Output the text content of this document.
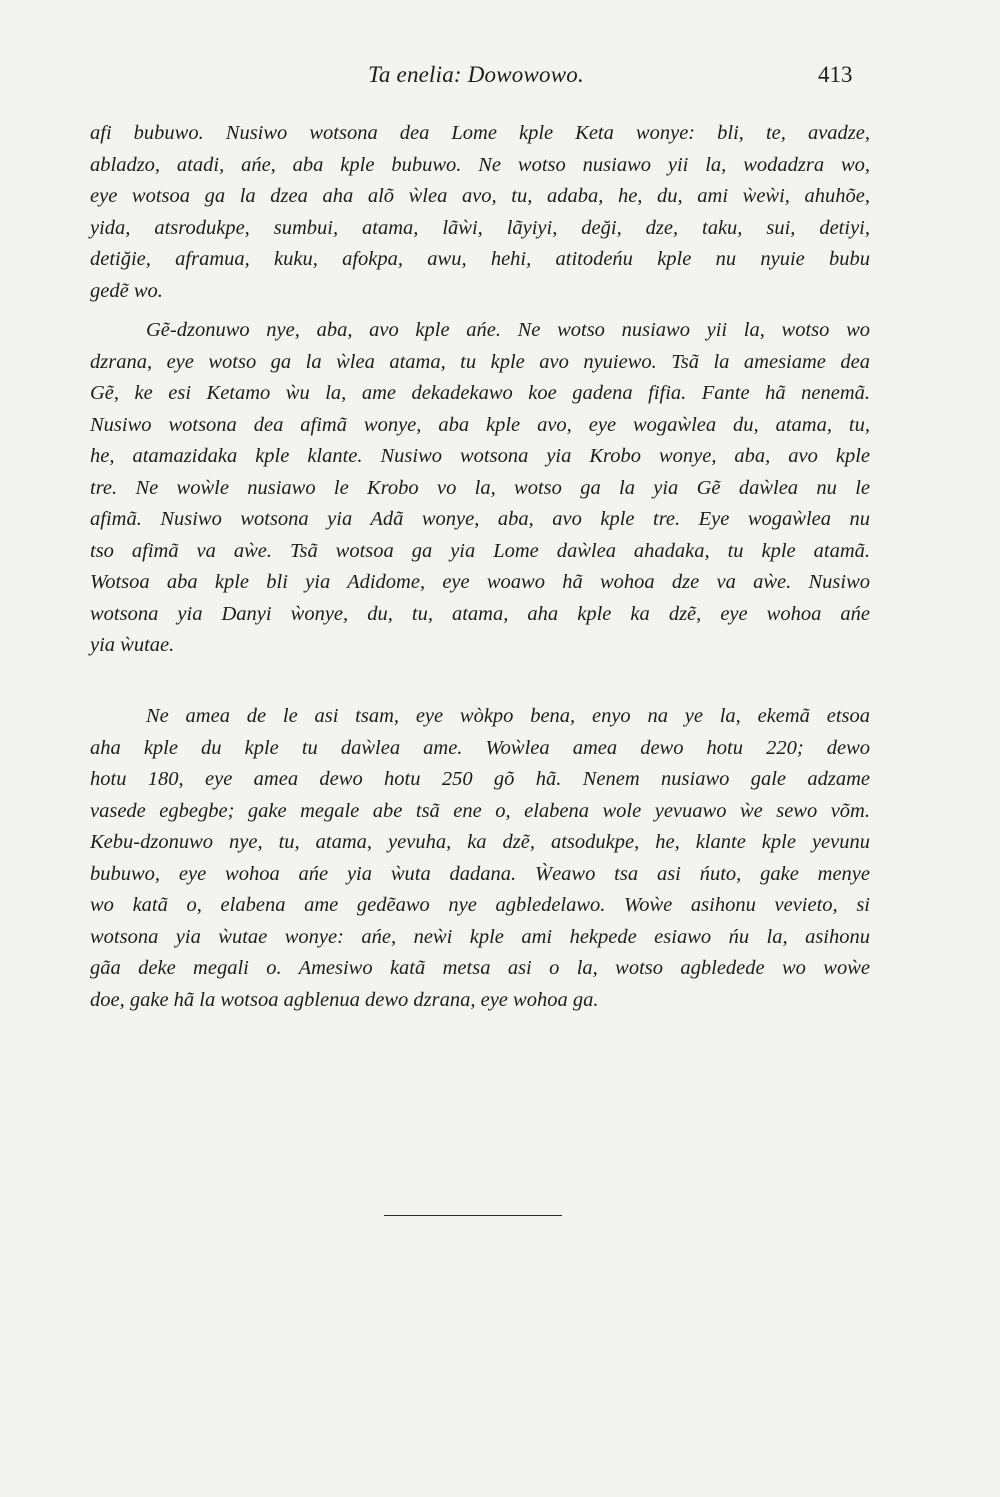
Ta enelia: Dowowowo.	413
afi bubuwo. Nusiwo wotsona dea Lome kple Keta wonye: bli, te, avadze,
abladzo, atadi, ańe, aba kple bubuwo. Ne wotso nusiawo yii la, wodadzra wo,
eye wotsoa ga la dzea aha alõ ẁlea avo, tu, adaba, he, du, ami ẁeẁi, ahuhõe,
yida, atsrodukpe, sumbui, atama, lãẁi, lãyiyi, deği, dze, taku, sui, detiyi,
detiğie, aframua, kuku, afokpa, awu, hehi, atitodeńu kple nu nyuie bubu
gedẽ wo.
Gẽ-dzonuwo nye, aba, avo kple ańe. Ne wotso nusiawo yii la, wotso wo
dzrana, eye wotso ga la ẁlea atama, tu kple avo nyuiewo. Tsã la amesiame dea
Gẽ, ke esi Ketamo ẁu la, ame dekadekawo koe gadena fifia. Fante hã nenemã.
Nusiwo wotsona dea afimã wonye, aba kple avo, eye wogaẁlea du, atama, tu,
he, atamazidaka kple klante. Nusiwo wotsona yia Krobo wonye, aba, avo kple
tre. Ne woẁle nusiawo le Krobo vo la, wotso ga la yia Gẽ daẁlea nu le
afimã. Nusiwo wotsona yia Adã wonye, aba, avo kple tre. Eye wogaẁlea nu
tso afimã va aẁe. Tsã wotsoa ga yia Lome daẁlea ahadaka, tu kple atamã.
Wotsoa aba kple bli yia Adidome, eye woawo hã wohoa dze va aẁe. Nusiwo
wotsona yia Danyi ẁonye, du, tu, atama, aha kple ka dzẽ, eye wohoa ańe
yia ẁutae.
Ne amea de le asi tsam, eye wòkpo bena, enyo na ye la, ekemã etsoa
aha kple du kple tu daẁlea ame. Woẁlea amea dewo hotu 220; dewo
hotu 180, eye amea dewo hotu 250 gõ hã. Nenem nusiawo gale adzame
vasede egbegbe; gake megale abe tsã ene o, elabena wole yevuawo ẁe sewo võm.
Kebu-dzonuwo nye, tu, atama, yevuha, ka dzẽ, atsodukpe, he, klante kple yevunu
bubuwo, eye wohoa ańe yia ẁuta dadana. Ẁeawo tsa asi ńuto, gake menye
wo katã o, elabena ame gedẽawo nye agbledelawo. Woẁe asihonu vevieto, si
wotsona yia ẁutae wonye: ańe, neẁi kple ami hekpede esiawo ńu la, asihonu
gãa deke megali o. Amesiwo katã metsa asi o la, wotso agbledede wo woẁe
doe, gake hã la wotsoa agblenua dewo dzrana, eye wohoa ga.
